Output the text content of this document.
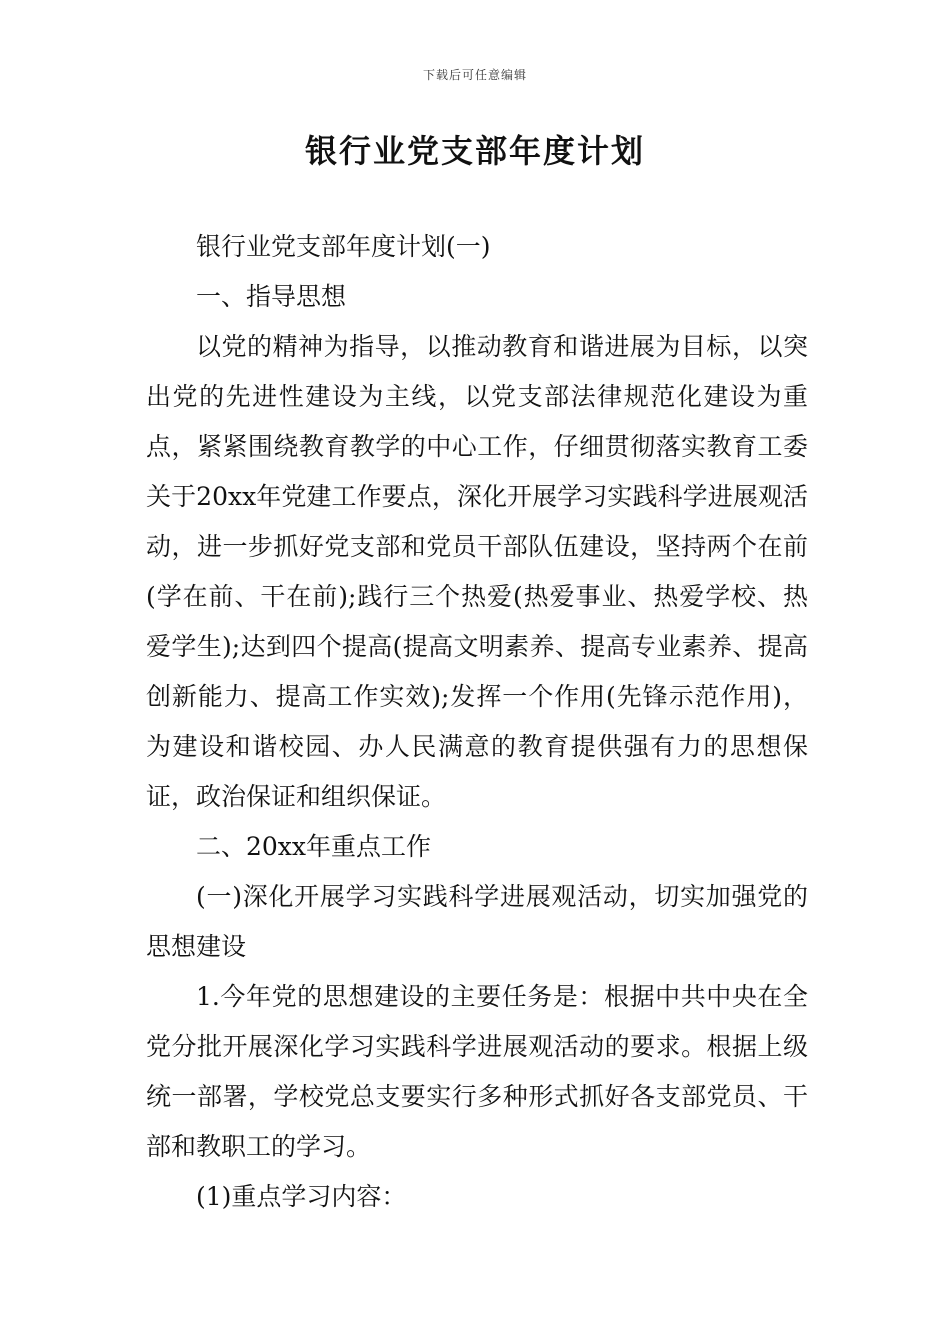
下载后可任意编辑
银行业党支部年度计划

银行业党支部年度计划(一)

一、指导思想

以党的精神为指导，以推动教育和谐进展为目标，以突出党的先进性建设为主线，以党支部法律规范化建设为重点，紧紧围绕教育教学的中心工作，仔细贯彻落实教育工委关于20xx年党建工作要点，深化开展学习实践科学进展观活动，进一步抓好党支部和党员干部队伍建设，坚持两个在前(学在前、干在前);践行三个热爱(热爱事业、热爱学校、热爱学生);达到四个提高(提高文明素养、提高专业素养、提高创新能力、提高工作实效);发挥一个作用(先锋示范作用)，为建设和谐校园、办人民满意的教育提供强有力的思想保证，政治保证和组织保证。

二、20xx年重点工作

(一)深化开展学习实践科学进展观活动，切实加强党的思想建设

1.今年党的思想建设的主要任务是：根据中共中央在全党分批开展深化学习实践科学进展观活动的要求。根据上级统一部署，学校党总支要实行多种形式抓好各支部党员、干部和教职工的学习。

(1)重点学习内容：
